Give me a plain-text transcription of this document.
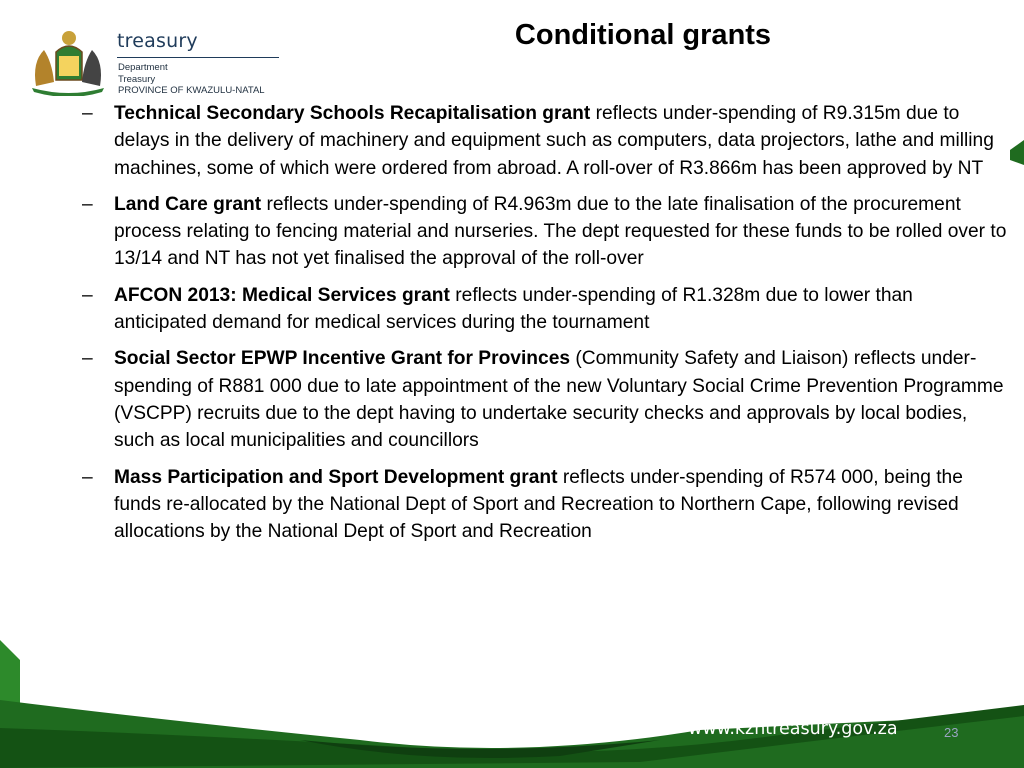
treasury
Department
Treasury
PROVINCE OF KWAZULU-NATAL
Conditional grants
– Technical Secondary Schools Recapitalisation grant reflects under-spending of R9.315m due to delays in the delivery of machinery and equipment such as computers, data projectors, lathe and milling machines, some of which were ordered from abroad. A roll-over of R3.866m has been approved by NT
– Land Care grant reflects under-spending of R4.963m due to the late finalisation of the procurement process relating to fencing material and nurseries. The dept requested for these funds to be rolled over to 13/14 and NT has not yet finalised the approval of the roll-over
– AFCON 2013: Medical Services grant reflects under-spending of R1.328m due to lower than anticipated demand for medical services during the tournament
– Social Sector EPWP Incentive Grant for Provinces (Community Safety and Liaison) reflects under-spending of R881 000 due to late appointment of the new Voluntary Social Crime Prevention Programme (VSCPP) recruits due to the dept having to undertake security checks and approvals by local bodies, such as local municipalities and councillors
– Mass Participation and Sport Development grant reflects under-spending of R574 000, being the funds re-allocated by the National Dept of Sport and Recreation to Northern Cape, following revised allocations by the National Dept of Sport and Recreation
www.kzntreasury.gov.za	23
